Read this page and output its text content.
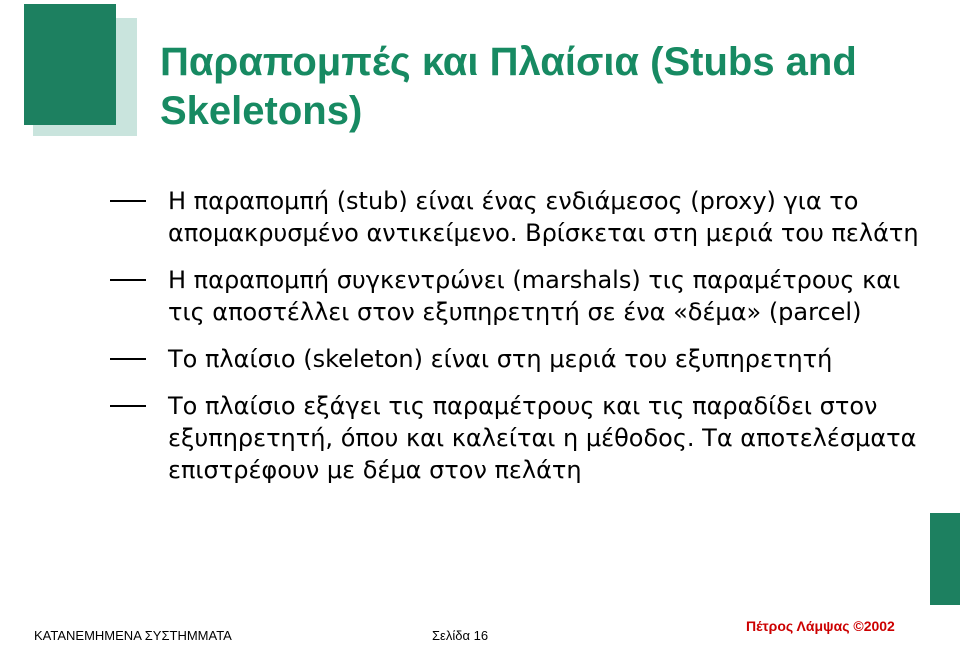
Παραπομπές και Πλαίσια (Stubs and Skeletons)
Η παραπομπή (stub) είναι ένας ενδιάμεσος (proxy) για το απομακρυσμένο αντικείμενο. Βρίσκεται στη μεριά του πελάτη
Η παραπομπή συγκεντρώνει (marshals) τις παραμέτρους και τις αποστέλλει στον εξυπηρετητή σε ένα «δέμα» (parcel)
Το πλαίσιο (skeleton) είναι στη μεριά του εξυπηρετητή
Το πλαίσιο εξάγει τις παραμέτρους και τις παραδίδει στον εξυπηρετητή, όπου και καλείται η μέθοδος. Τα αποτελέσματα επιστρέφουν με δέμα στον πελάτη
ΚΑΤΑΝΕΜΗΜΕΝΑ ΣΥΣΤΗΜΜΑΤΑ	Σελίδα 16
Πέτρος Λάμψας ©2002
